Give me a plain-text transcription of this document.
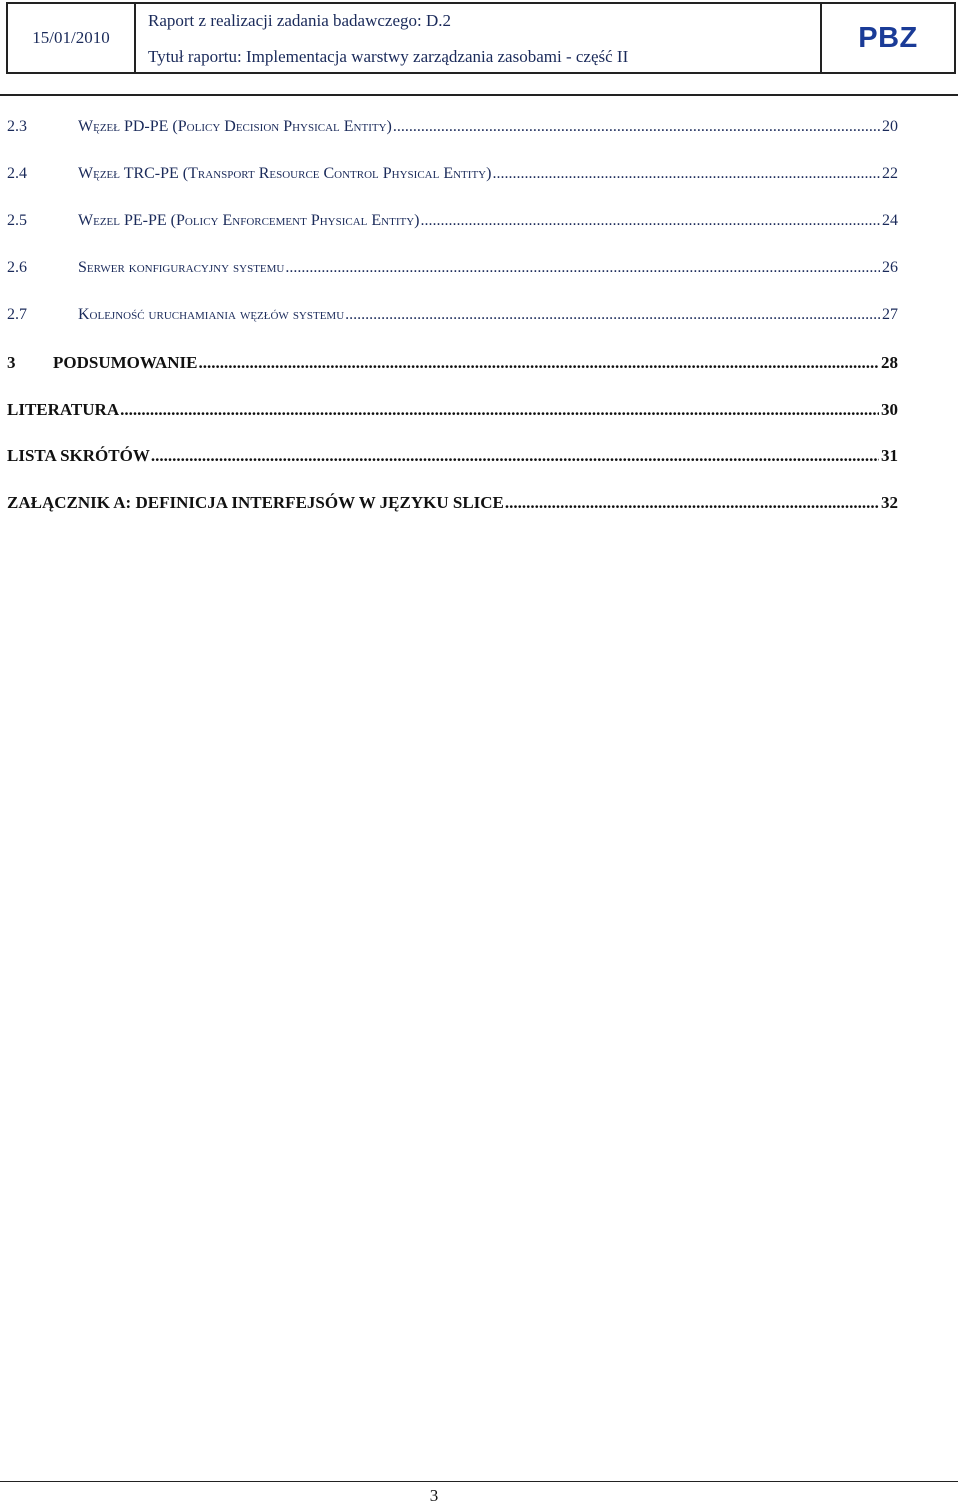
15/01/2010
Raport z realizacji zadania badawczego: D.2
Tytuł raportu: Implementacja warstwy zarządzania zasobami - część II
PBZ
2.3	Węzeł PD-PE (Policy Decision Physical Entity) .....	20
2.4	Węzeł TRC-PE (Transport Resource Control Physical Entity) .....	22
2.5	Wezel PE-PE (Policy Enforcement Physical Entity) .....	24
2.6	Serwer konfiguracyjny systemu .....	26
2.7	Kolejność uruchamiania węzłów systemu .....	27
3	PODSUMOWANIE .....	28
LITERATURA .....	30
LISTA SKRÓTÓW .....	31
ZAŁĄCZNIK A: DEFINICJA INTERFEJSÓW W JĘZYKU SLICE .....	32
3
